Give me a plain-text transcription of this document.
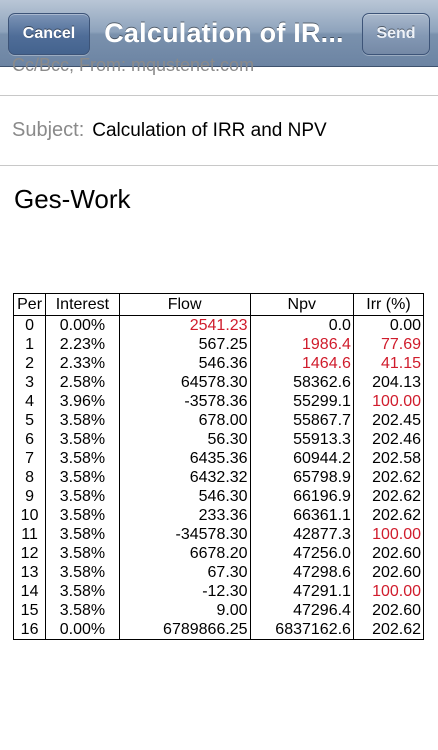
Cancel	Calculation of IR...	Send
Cc/Bcc, From: mqustenet.com
Subject: Calculation of IRR and NPV
Ges-Work
Per	Interest	Flow	Npv	Irr (%)
0	0.00%	2541.23	0.0	0.00
1	2.23%	567.25	1986.4	77.69
2	2.33%	546.36	1464.6	41.15
3	2.58%	64578.30	58362.6	204.13
4	3.96%	-3578.36	55299.1	100.00
5	3.58%	678.00	55867.7	202.45
6	3.58%	56.30	55913.3	202.46
7	3.58%	6435.36	60944.2	202.58
8	3.58%	6432.32	65798.9	202.62
9	3.58%	546.30	66196.9	202.62
10	3.58%	233.36	66361.1	202.62
11	3.58%	-34578.30	42877.3	100.00
12	3.58%	6678.20	47256.0	202.60
13	3.58%	67.30	47298.6	202.60
14	3.58%	-12.30	47291.1	100.00
15	3.58%	9.00	47296.4	202.60
16	0.00%	6789866.25	6837162.6	202.62
